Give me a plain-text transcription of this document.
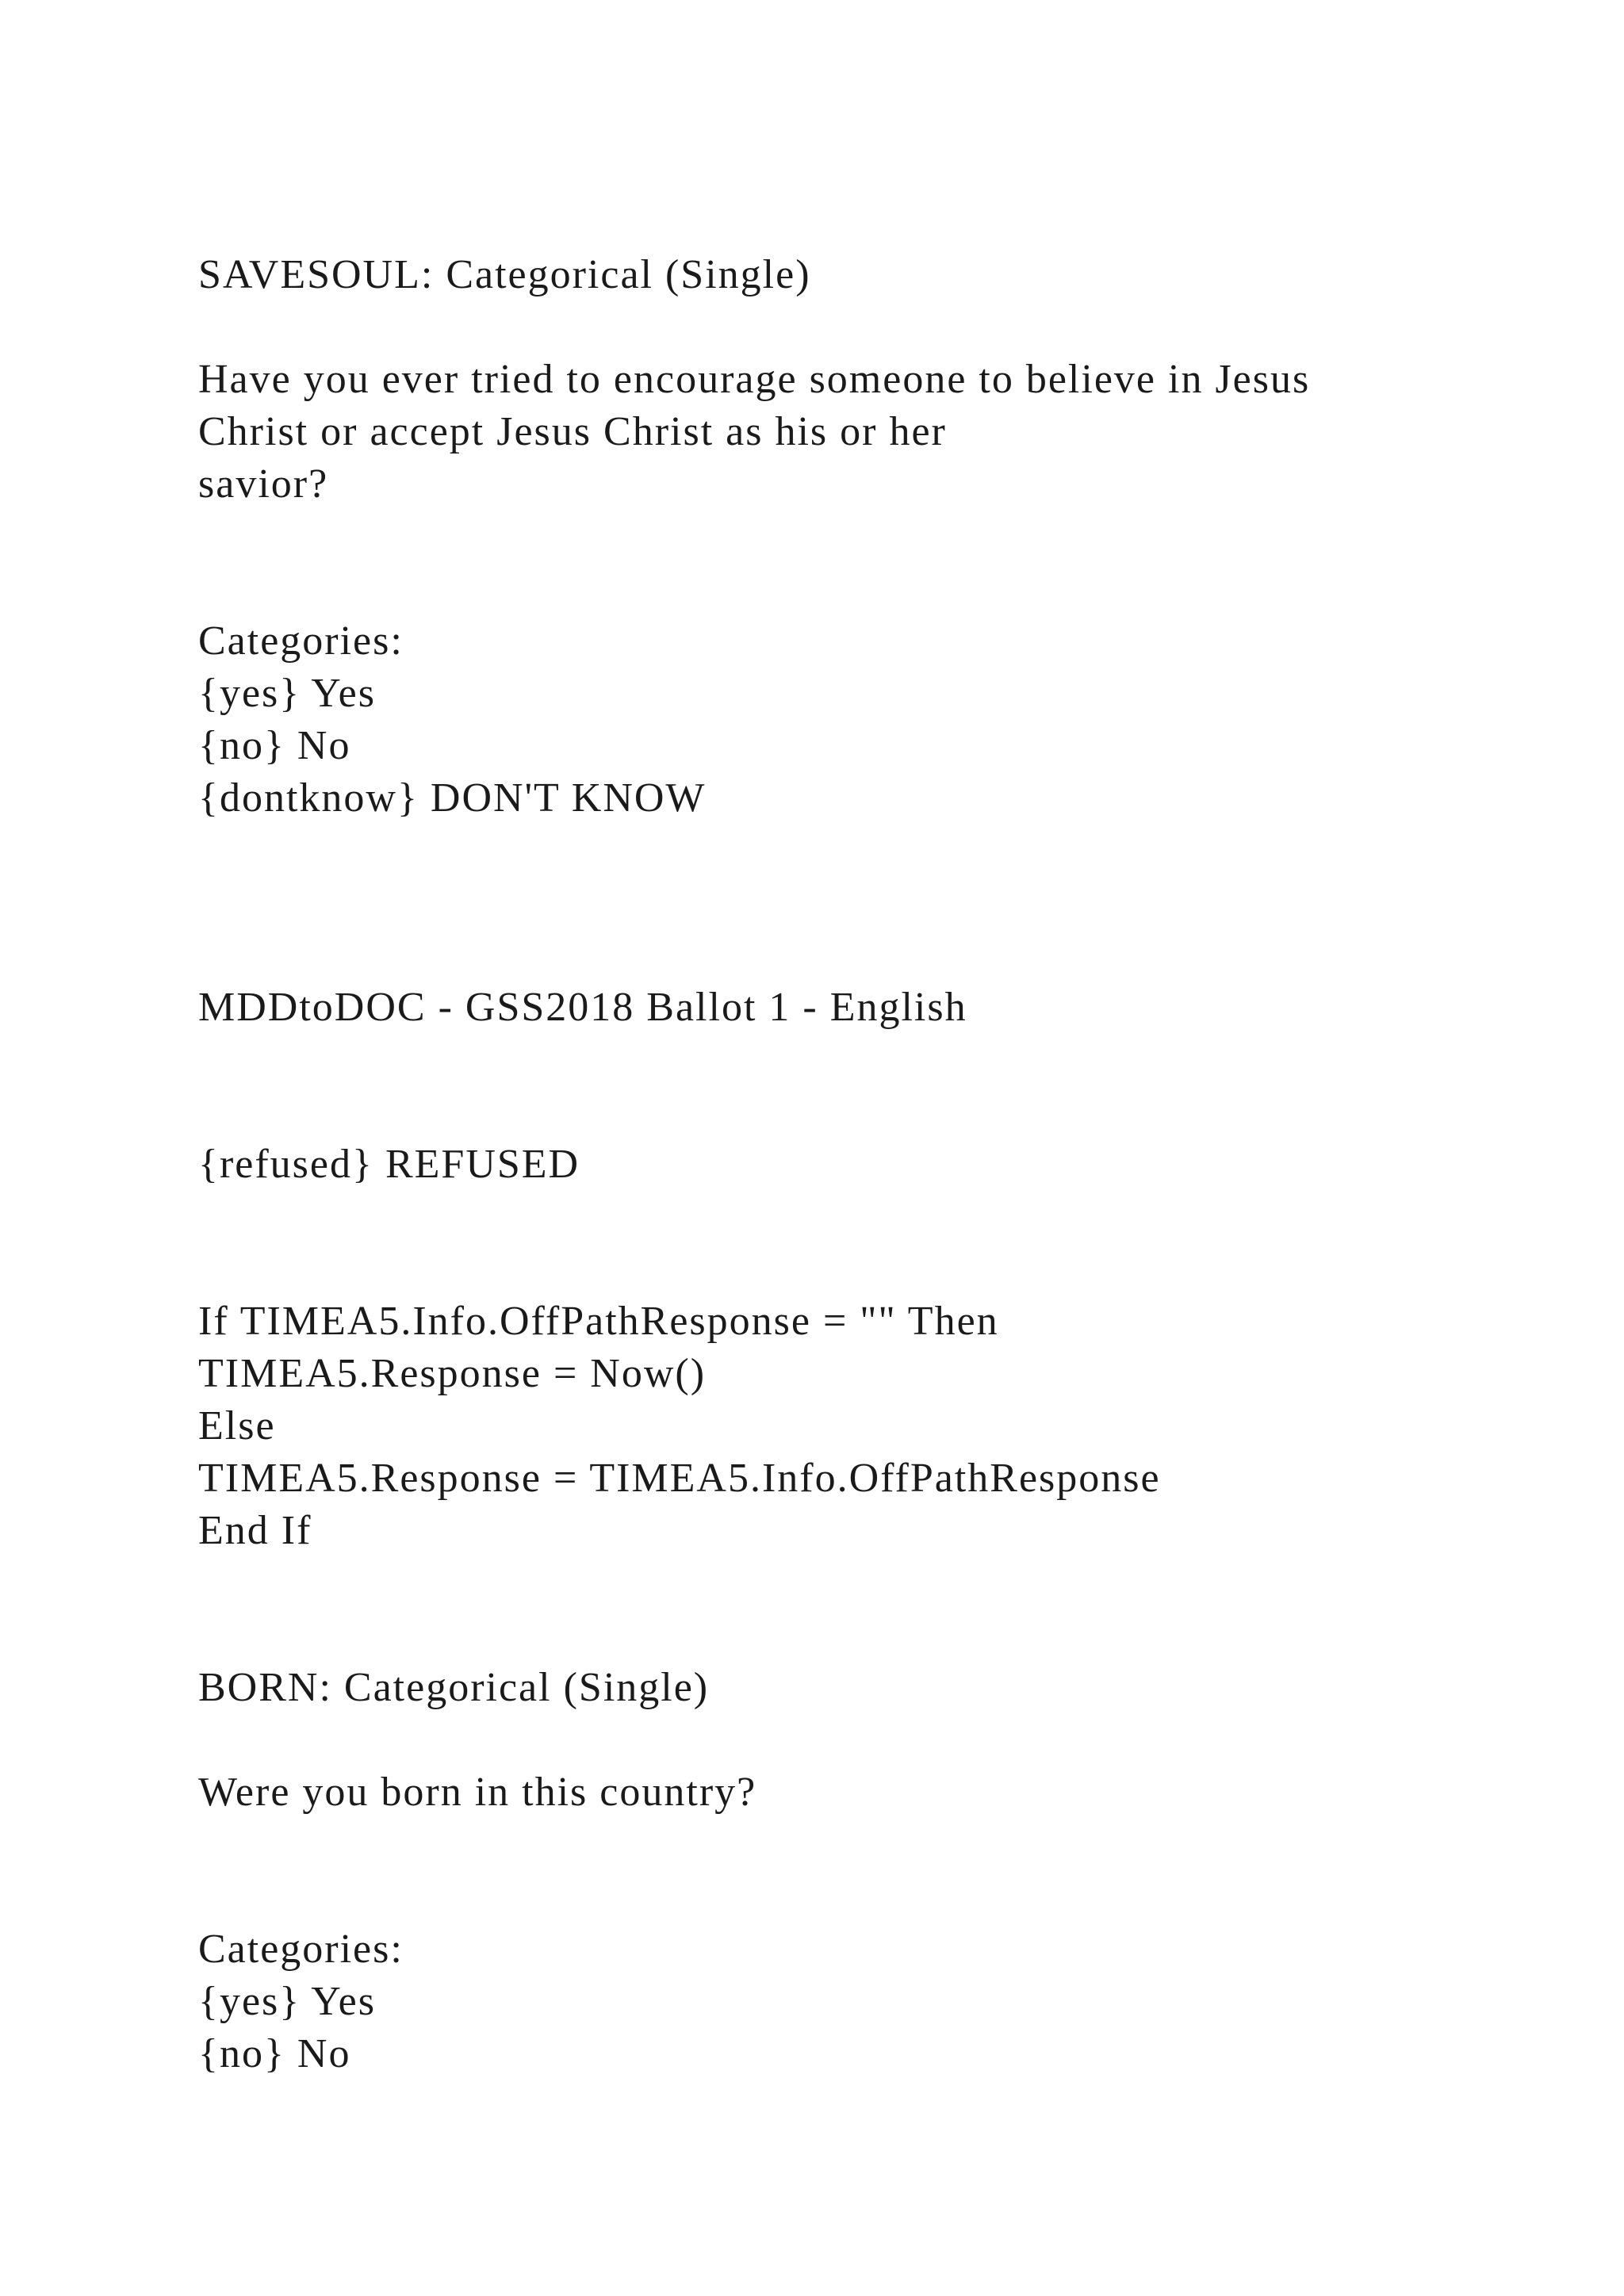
SAVESOUL: Categorical (Single)
Have you ever tried to encourage someone to believe in Jesus
Christ or accept Jesus Christ as his or her
savior?
Categories:
{yes} Yes
{no} No
{dontknow} DON'T KNOW
MDDtoDOC - GSS2018 Ballot 1 - English
{refused} REFUSED
If TIMEA5.Info.OffPathResponse = "" Then
TIMEA5.Response = Now()
Else
TIMEA5.Response = TIMEA5.Info.OffPathResponse
End If
BORN: Categorical (Single)
Were you born in this country?
Categories:
{yes} Yes
{no} No
